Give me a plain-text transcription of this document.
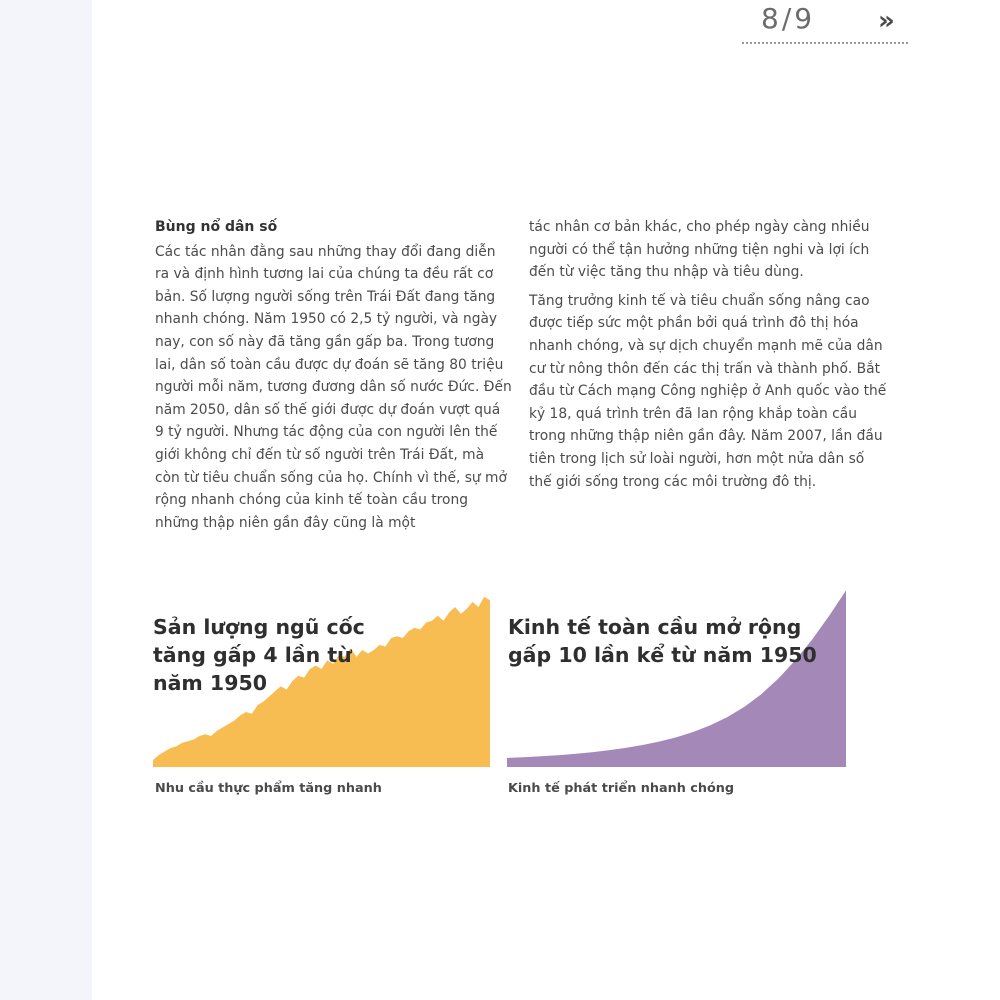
8/9 »
Bùng nổ dân số

Các tác nhân đằng sau những thay đổi đang diễn ra và định hình tương lai của chúng ta đều rất cơ bản. Số lượng người sống trên Trái Đất đang tăng nhanh chóng. Năm 1950 có 2,5 tỷ người, và ngày nay, con số này đã tăng gần gấp ba. Trong tương lai, dân số toàn cầu được dự đoán sẽ tăng 80 triệu người mỗi năm, tương đương dân số nước Đức. Đến năm 2050, dân số thế giới được dự đoán vượt quá 9 tỷ người. Nhưng tác động của con người lên thế giới không chỉ đến từ số người trên Trái Đất, mà còn từ tiêu chuẩn sống của họ. Chính vì thế, sự mở rộng nhanh chóng của kinh tế toàn cầu trong những thập niên gần đây cũng là một

tác nhân cơ bản khác, cho phép ngày càng nhiều người có thể tận hưởng những tiện nghi và lợi ích đến từ việc tăng thu nhập và tiêu dùng.

Tăng trưởng kinh tế và tiêu chuẩn sống nâng cao được tiếp sức một phần bởi quá trình đô thị hóa nhanh chóng, và sự dịch chuyển mạnh mẽ của dân cư từ nông thôn đến các thị trấn và thành phố. Bắt đầu từ Cách mạng Công nghiệp ở Anh quốc vào thế kỷ 18, quá trình trên đã lan rộng khắp toàn cầu trong những thập niên gần đây. Năm 2007, lần đầu tiên trong lịch sử loài người, hơn một nửa dân số thế giới sống trong các môi trường đô thị.

Sản lượng ngũ cốc
tăng gấp 4 lần từ
năm 1950
Nhu cầu thực phẩm tăng nhanh
Kinh tế toàn cầu mở rộng
gấp 10 lần kể từ năm 1950
Kinh tế phát triển nhanh chóng
